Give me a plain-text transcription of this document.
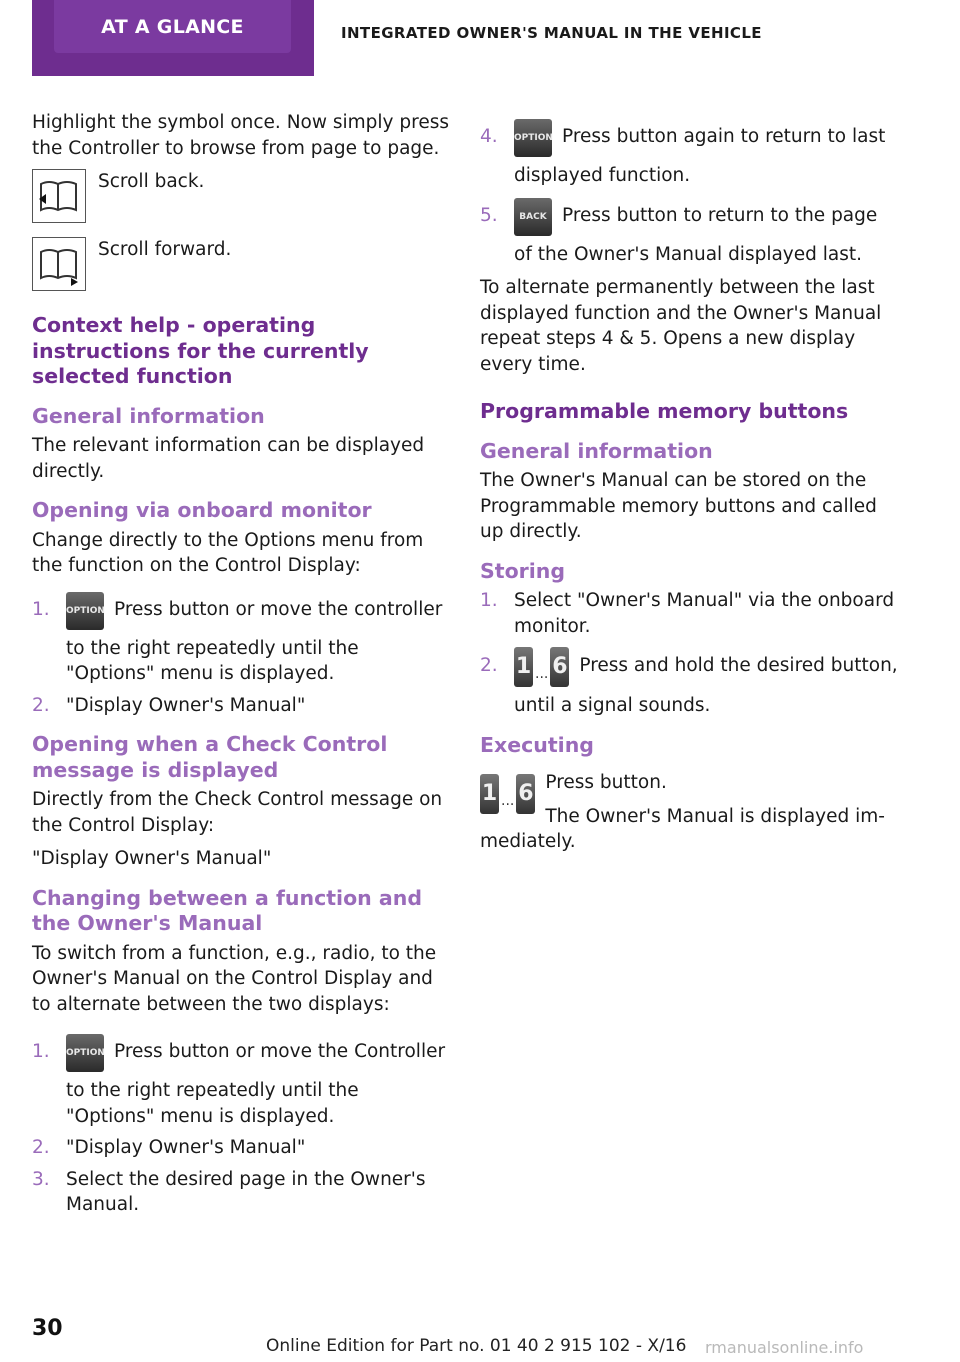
AT A GLANCE	INTEGRATED OWNER'S MANUAL IN THE VEHICLE

Highlight the symbol once. Now simply press the Controller to browse from page to page.

Scroll back.
Scroll forward.
Context help - operating instructions for the currently selected function
General information

The relevant information can be displayed directly.

Opening via onboard monitor

Change directly to the Options menu from the function on the Control Display:

1. OPTION Press button or move the controller to the right repeatedly until the "Options" menu is displayed.
2. "Display Owner's Manual"
Opening when a Check Control message is displayed

Directly from the Check Control message on the Control Display:

"Display Owner's Manual"

Changing between a function and the Owner's Manual

To switch from a function, e.g., radio, to the Owner's Manual on the Control Display and to alternate between the two displays:

1. OPTION Press button or move the Controller to the right repeatedly until the "Options" menu is displayed.
2. "Display Owner's Manual"
3. Select the desired page in the Owner's Manual.
4. OPTION Press button again to return to last displayed function.
5. BACK Press button to return to the page of the Owner's Manual displayed last.

To alternate permanently between the last displayed function and the Owner's Manual repeat steps 4 & 5. Opens a new display every time.

Programmable memory buttons
General information

The Owner's Manual can be stored on the Programmable memory buttons and called up directly.

Storing
1. Select "Owner's Manual" via the onboard monitor.
2. 1 ... 6 Press and hold the desired button, until a signal sounds.
Executing
1 ... 6 Press button.

The Owner's Manual is displayed immediately.

30
Online Edition for Part no. 01 40 2 915 102 - X/16 rmanualsonline.info
